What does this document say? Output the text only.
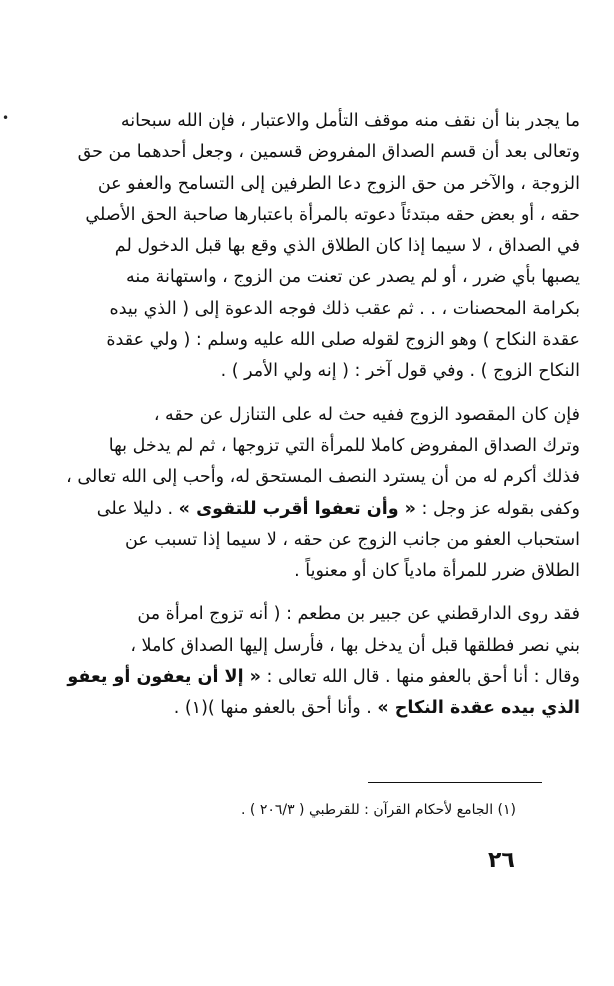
•	ما يجدر بنا أن نقف منه موقف التأمل والاعتبار ، فإن الله سبحانه
وتعالى بعد أن قسم الصداق المفروض قسمين ، وجعل أحدهما من حق
الزوجة ، والآخر من حق الزوج دعا الطرفين إلى التسامح والعفو عن
حقه ، أو بعض حقه مبتدئاً دعوته بالمرأة باعتبارها صاحبة الحق الأصلي
في الصداق ، لا سيما إذا كان الطلاق الذي وقع بها قبل الدخول لم
يصبها بأي ضرر ، أو لم يصدر عن تعنت من الزوج ، واستهانة منه
بكرامة المحصنات ، . . ثم عقب ذلك فوجه الدعوة إلى ( الذي بيده
عقدة النكاح ) وهو الزوج لقوله صلى الله عليه وسلم : ( ولي عقدة
النكاح الزوج ) . وفي قول آخر : ( إنه ولي الأمر ) .

فإن كان المقصود الزوج ففيه حث له على التنازل عن حقه ،
وترك الصداق المفروض كاملا للمرأة التي تزوجها ، ثم لم يدخل بها
فذلك أكرم له من أن يسترد النصف المستحق له، وأحب إلى الله تعالى ،
وكفى بقوله عز وجل : « وأن تعفوا أقرب للتقوى » . دليلا على
استحباب العفو من جانب الزوج عن حقه ، لا سيما إذا تسبب عن
الطلاق ضرر للمرأة مادياً كان أو معنوياً .

فقد روى الدارقطني عن جبير بن مطعم : ( أنه تزوج امرأة من
بني نصر فطلقها قبل أن يدخل بها ، فأرسل إليها الصداق كاملا ،
وقال : أنا أحق بالعفو منها . قال الله تعالى : « إلا أن يعفون أو يعفو
الذي بيده عقدة النكاح » . وأنا أحق بالعفو منها )(١) .

(١) الجامع لأحكام القرآن : للقرطبي ( ٢٠٦/٣ ) .
٢٦
